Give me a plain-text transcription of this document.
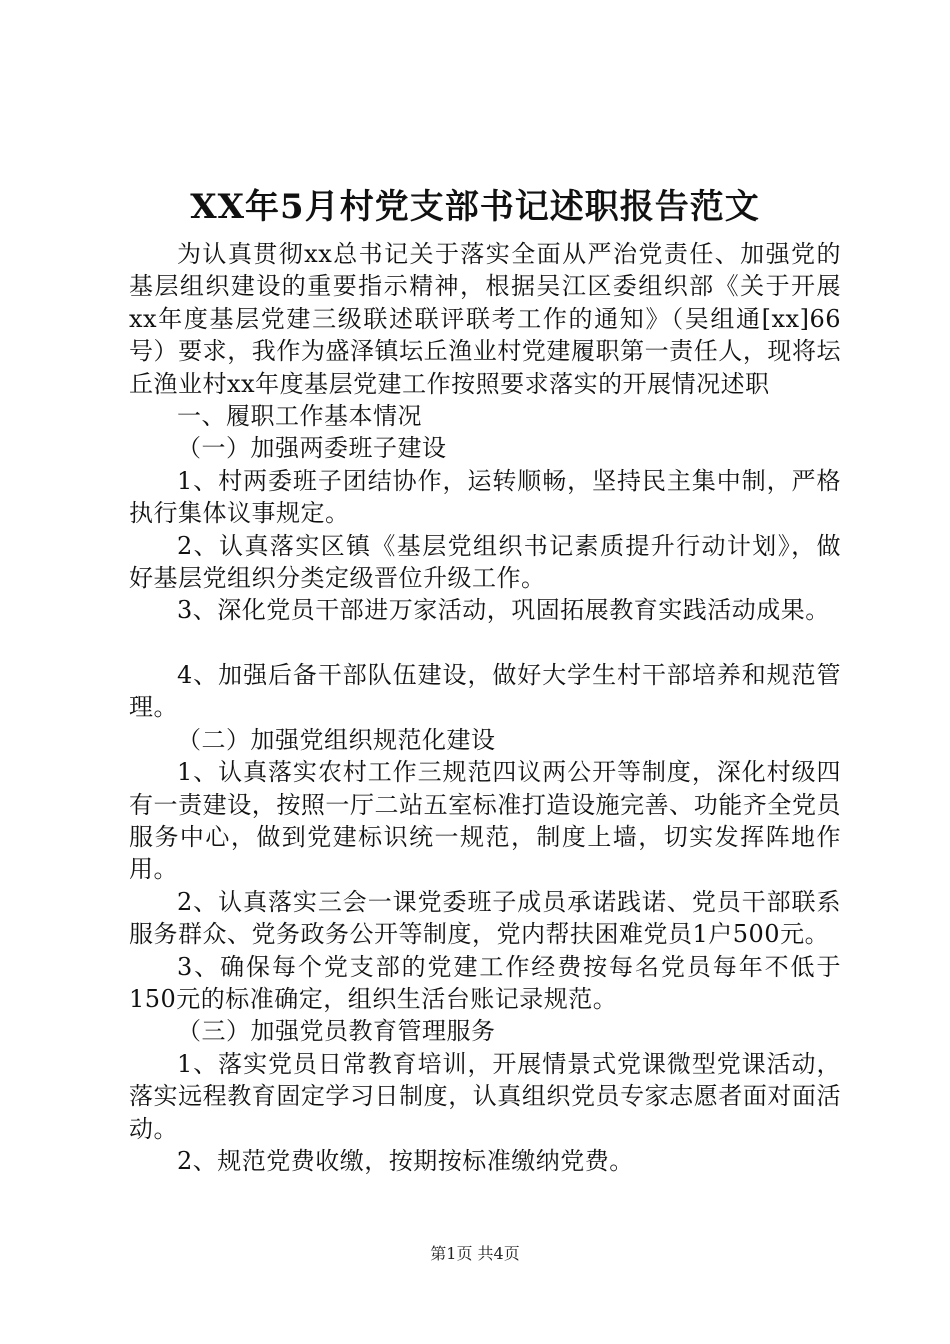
XX年5月村党支部书记述职报告范文

为认真贯彻xx总书记关于落实全面从严治党责任、加强党的基层组织建设的重要指示精神，根据吴江区委组织部《关于开展xx年度基层党建三级联述联评联考工作的通知》（吴组通[xx]66号）要求，我作为盛泽镇坛丘渔业村党建履职第一责任人，现将坛丘渔业村xx年度基层党建工作按照要求落实的开展情况述职

一、履职工作基本情况

（一）加强两委班子建设

1、村两委班子团结协作，运转顺畅，坚持民主集中制，严格执行集体议事规定。

2、认真落实区镇《基层党组织书记素质提升行动计划》，做好基层党组织分类定级晋位升级工作。

3、深化党员干部进万家活动，巩固拓展教育实践活动成果。

4、加强后备干部队伍建设，做好大学生村干部培养和规范管理。

（二）加强党组织规范化建设

1、认真落实农村工作三规范四议两公开等制度，深化村级四有一责建设，按照一厅二站五室标准打造设施完善、功能齐全党员服务中心，做到党建标识统一规范，制度上墙，切实发挥阵地作用。

2、认真落实三会一课党委班子成员承诺践诺、党员干部联系服务群众、党务政务公开等制度，党内帮扶困难党员1户500元。

3、确保每个党支部的党建工作经费按每名党员每年不低于150元的标准确定，组织生活台账记录规范。

（三）加强党员教育管理服务

1、落实党员日常教育培训，开展情景式党课微型党课活动，落实远程教育固定学习日制度，认真组织党员专家志愿者面对面活动。

2、规范党费收缴，按期按标准缴纳党费。

第1页 共4页
